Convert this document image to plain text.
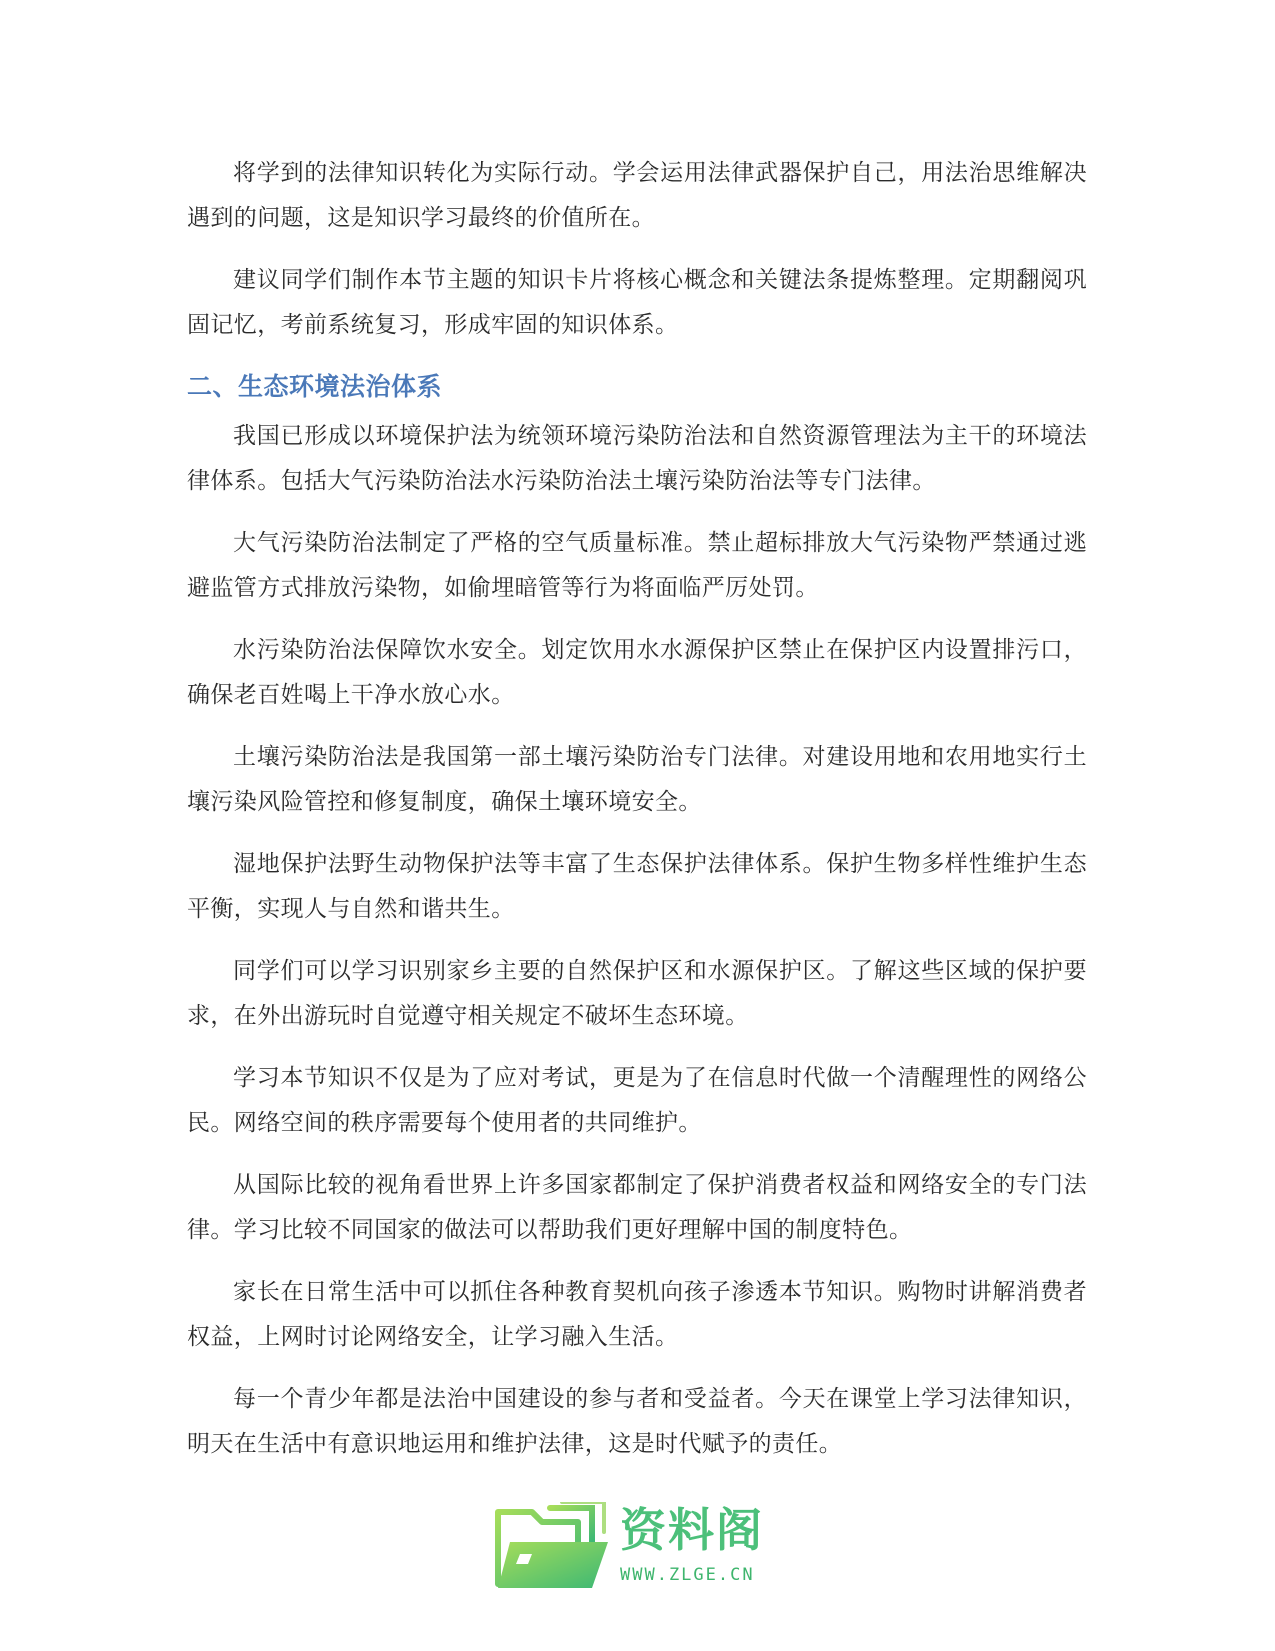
将学到的法律知识转化为实际行动。学会运用法律武器保护自己，用法治思维解决遇到的问题，这是知识学习最终的价值所在。

建议同学们制作本节主题的知识卡片将核心概念和关键法条提炼整理。定期翻阅巩固记忆，考前系统复习，形成牢固的知识体系。

二、生态环境法治体系

我国已形成以环境保护法为统领环境污染防治法和自然资源管理法为主干的环境法律体系。包括大气污染防治法水污染防治法土壤污染防治法等专门法律。

大气污染防治法制定了严格的空气质量标准。禁止超标排放大气污染物严禁通过逃避监管方式排放污染物，如偷埋暗管等行为将面临严厉处罚。

水污染防治法保障饮水安全。划定饮用水水源保护区禁止在保护区内设置排污口，确保老百姓喝上干净水放心水。

土壤污染防治法是我国第一部土壤污染防治专门法律。对建设用地和农用地实行土壤污染风险管控和修复制度，确保土壤环境安全。

湿地保护法野生动物保护法等丰富了生态保护法律体系。保护生物多样性维护生态平衡，实现人与自然和谐共生。

同学们可以学习识别家乡主要的自然保护区和水源保护区。了解这些区域的保护要求，在外出游玩时自觉遵守相关规定不破坏生态环境。

学习本节知识不仅是为了应对考试，更是为了在信息时代做一个清醒理性的网络公民。网络空间的秩序需要每个使用者的共同维护。

从国际比较的视角看世界上许多国家都制定了保护消费者权益和网络安全的专门法律。学习比较不同国家的做法可以帮助我们更好理解中国的制度特色。

家长在日常生活中可以抓住各种教育契机向孩子渗透本节知识。购物时讲解消费者权益，上网时讨论网络安全，让学习融入生活。

每一个青少年都是法治中国建设的参与者和受益者。今天在课堂上学习法律知识，明天在生活中有意识地运用和维护法律，这是时代赋予的责任。

资料阁
WWW.ZLGE.CN
